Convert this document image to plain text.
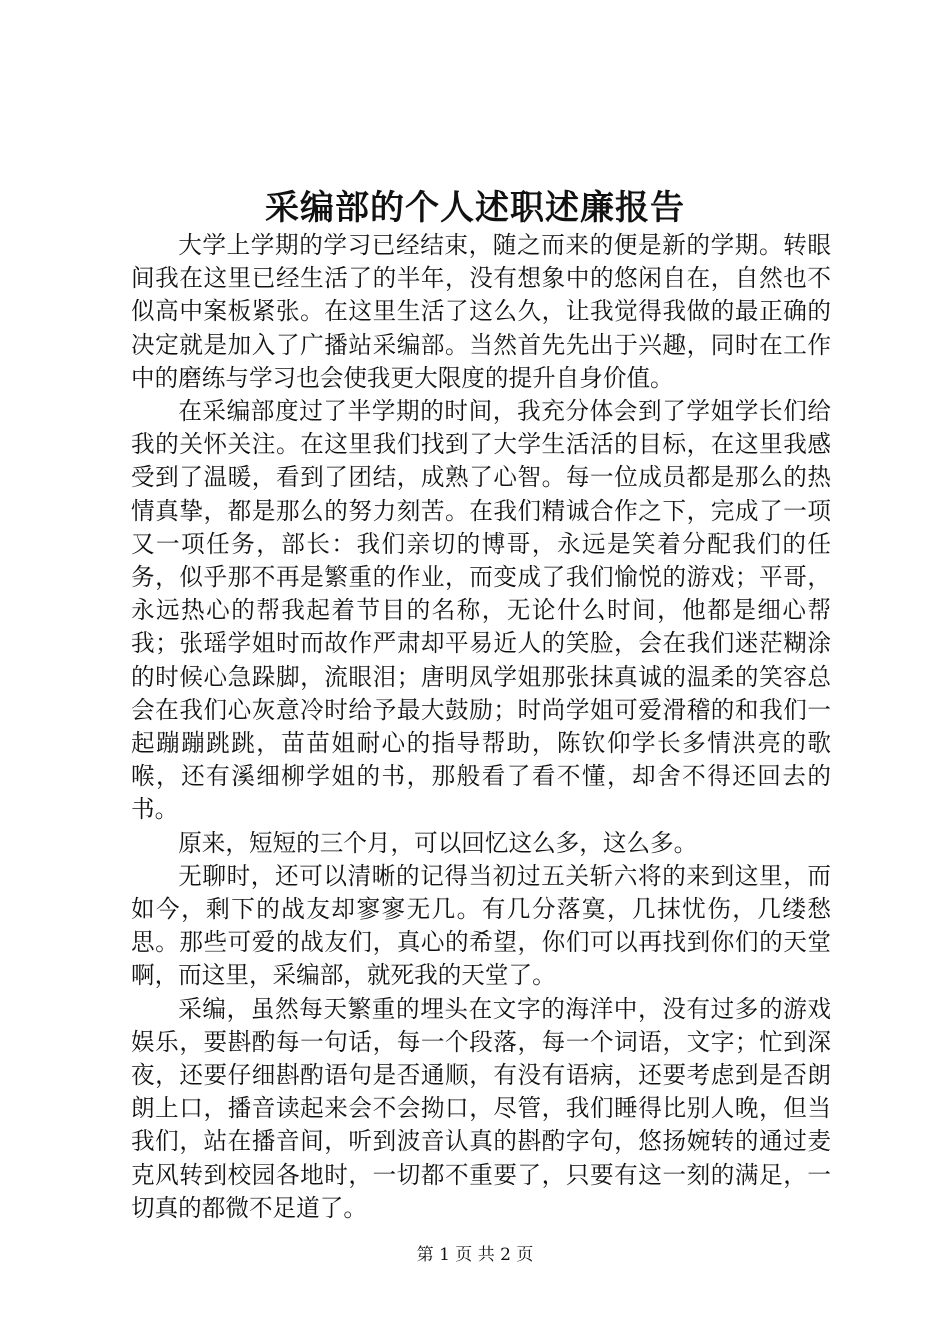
采编部的个人述职述廉报告

大学上学期的学习已经结束，随之而来的便是新的学期。转眼间我在这里已经生活了的半年，没有想象中的悠闲自在，自然也不似高中案板紧张。在这里生活了这么久，让我觉得我做的最正确的决定就是加入了广播站采编部。当然首先先出于兴趣，同时在工作中的磨练与学习也会使我更大限度的提升自身价值。

在采编部度过了半学期的时间，我充分体会到了学姐学长们给我的关怀关注。在这里我们找到了大学生活活的目标，在这里我感受到了温暖，看到了团结，成熟了心智。每一位成员都是那么的热情真挚，都是那么的努力刻苦。在我们精诚合作之下，完成了一项又一项任务，部长：我们亲切的博哥，永远是笑着分配我们的任务，似乎那不再是繁重的作业，而变成了我们愉悦的游戏；平哥，永远热心的帮我起着节目的名称，无论什么时间，他都是细心帮我；张瑶学姐时而故作严肃却平易近人的笑脸，会在我们迷茫糊涂的时候心急跺脚，流眼泪；唐明凤学姐那张抹真诚的温柔的笑容总会在我们心灰意冷时给予最大鼓励；时尚学姐可爱滑稽的和我们一起蹦蹦跳跳，苗苗姐耐心的指导帮助，陈钦仰学长多情洪亮的歌喉，还有溪细柳学姐的书，那般看了看不懂，却舍不得还回去的书。

原来，短短的三个月，可以回忆这么多，这么多。

无聊时，还可以清晰的记得当初过五关斩六将的来到这里，而如今，剩下的战友却寥寥无几。有几分落寞，几抹忧伤，几缕愁思。那些可爱的战友们，真心的希望，你们可以再找到你们的天堂啊，而这里，采编部，就死我的天堂了。

采编，虽然每天繁重的埋头在文字的海洋中，没有过多的游戏娱乐，要斟酌每一句话，每一个段落，每一个词语，文字；忙到深夜，还要仔细斟酌语句是否通顺，有没有语病，还要考虑到是否朗朗上口，播音读起来会不会拗口，尽管，我们睡得比别人晚，但当我们，站在播音间，听到波音认真的斟酌字句，悠扬婉转的通过麦克风转到校园各地时，一切都不重要了，只要有这一刻的满足，一切真的都微不足道了。

第 1 页 共 2 页
